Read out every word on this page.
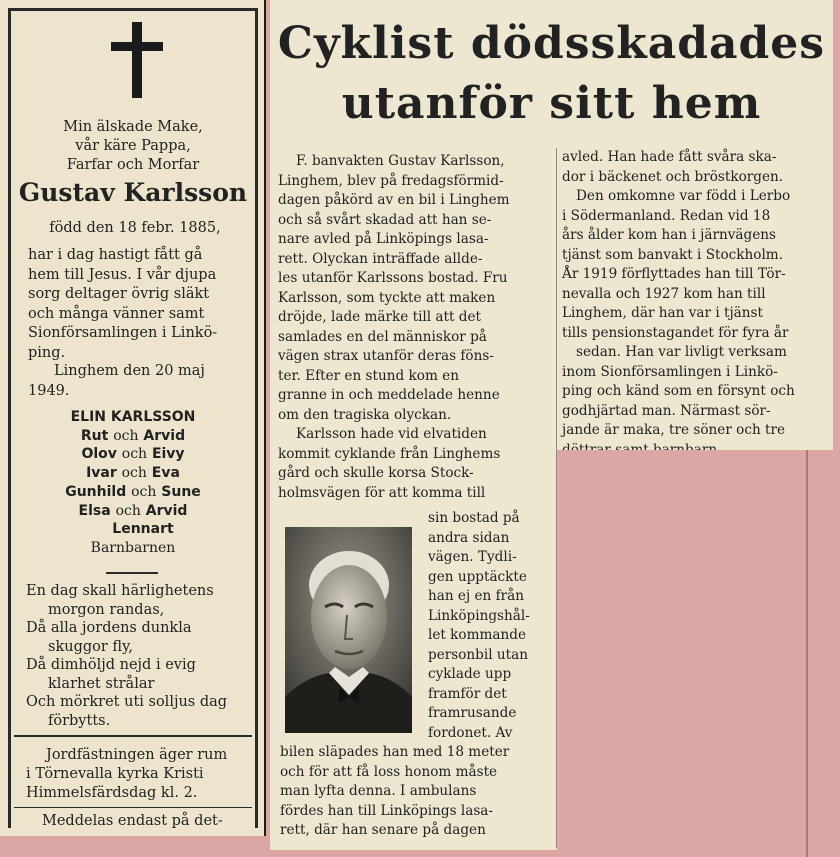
Min älskade Make,
vår käre Pappa,
Farfar och Morfar
Gustav Karlsson
född den 18 febr. 1885,
har i dag hastigt fått gå
hem till Jesus. I vår djupa
sorg deltager övrig släkt
och många vänner samt
Sionförsamlingen i Linkö-
ping.
Linghem den 20 maj
1949.
ELIN KARLSSON
Rut och Arvid
Olov och Eivy
Ivar och Eva
Gunhild och Sune
Elsa och Arvid
Lennart
Barnbarnen
En dag skall härlighetens
morgon randas,
Då alla jordens dunkla
skuggor fly,
Då dimhöljd nejd i evig
klarhet strålar
Och mörkret uti solljus dag
förbytts.
Jordfästningen äger rum
i Törnevalla kyrka Kristi
Himmelsfärdsdag kl. 2.
Meddelas endast på det-
Cyklist dödsskadades
utanför sitt hem
F. banvakten Gustav Karlsson,
Linghem, blev på fredagsförmid-
dagen påkörd av en bil i Linghem
och så svårt skadad att han se-
nare avled på Linköpings lasa-
rett. Olyckan inträffade allde-
les utanför Karlssons bostad. Fru
Karlsson, som tyckte att maken
dröjde, lade märke till att det
samlades en del människor på
vägen strax utanför deras föns-
ter. Efter en stund kom en
granne in och meddelade henne
om den tragiska olyckan.
Karlsson hade vid elvatiden
kommit cyklande från Linghems
gård och skulle korsa Stock-
holmsvägen för att komma till
sin bostad på
andra sidan
vägen. Tydli-
gen upptäckte
han ej en från
Linköpingshål-
let kommande
personbil utan
cyklade upp
framför det
framrusande
fordonet. Av
bilen släpades han med 18 meter
och för att få loss honom måste
man lyfta denna. I ambulans
fördes han till Linköpings lasa-
rett, där han senare på dagen
avled. Han hade fått svåra ska-
dor i bäckenet och bröstkorgen.
Den omkomne var född i Lerbo
i Södermanland. Redan vid 18
års ålder kom han i järnvägens
tjänst som banvakt i Stockholm.
År 1919 förflyttades han till Tör-
nevalla och 1927 kom han till
Linghem, där han var i tjänst
tills pensionstagandet för fyra år
sedan. Han var livligt verksam
inom Sionförsamlingen i Linkö-
ping och känd som en försynt och
godhjärtad man. Närmast sör-
jande är maka, tre söner och tre
